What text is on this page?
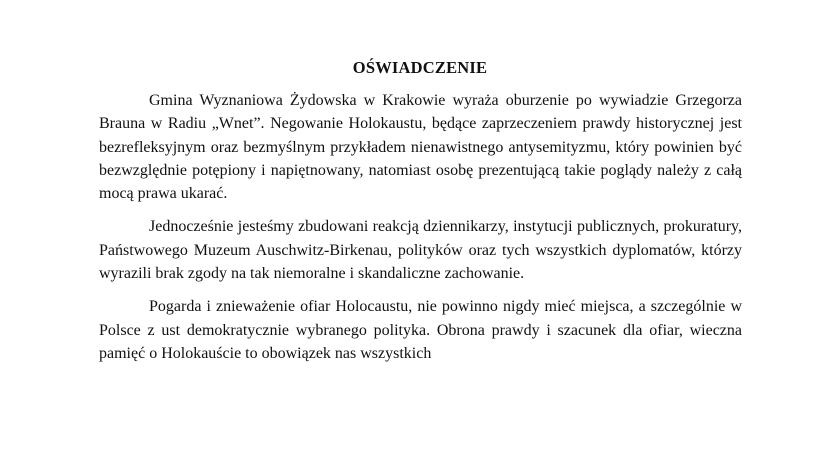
OŚWIADCZENIE

Gmina Wyznaniowa Żydowska w Krakowie wyraża oburzenie po wywiadzie Grzegorza Brauna w Radiu „Wnet”. Negowanie Holokaustu, będące zaprzeczeniem prawdy historycznej jest bezrefleksyjnym oraz bezmyślnym przykładem nienawistnego antysemityzmu, który powinien być bezwzględnie potępiony i napiętnowany, natomiast osobę prezentującą takie poglądy należy z całą mocą prawa ukarać.

Jednocześnie jesteśmy zbudowani reakcją dziennikarzy, instytucji publicznych, prokuratury, Państwowego Muzeum Auschwitz-Birkenau, polityków oraz tych wszystkich dyplomatów, którzy wyrazili brak zgody na tak niemoralne i skandaliczne zachowanie.

Pogarda i znieważenie ofiar Holocaustu, nie powinno nigdy mieć miejsca, a szczególnie w Polsce z ust demokratycznie wybranego polityka. Obrona prawdy i szacunek dla ofiar, wieczna pamięć o Holokauście to obowiązek nas wszystkich
